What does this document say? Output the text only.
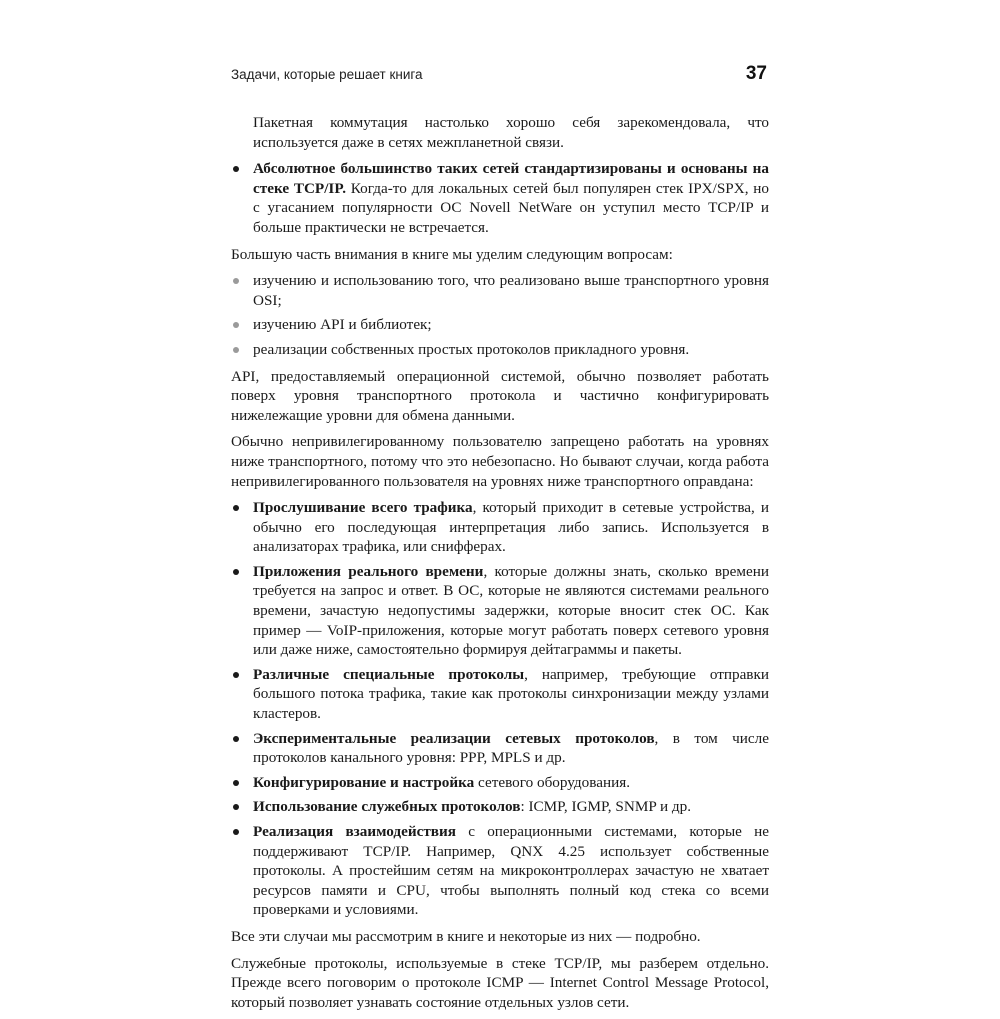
Задачи, которые решает книга	37

Пакетная коммутация настолько хорошо себя зарекомендовала, что используется даже в сетях межпланетной связи.

Абсолютное большинство таких сетей стандартизированы и основаны на стеке TCP/IP. Когда-то для локальных сетей был популярен стек IPX/SPX, но с угасанием популярности ОС Novell NetWare он уступил место TCP/IP и больше практически не встречается.

Большую часть внимания в книге мы уделим следующим вопросам:

изучению и использованию того, что реализовано выше транспортного уровня OSI;
изучению API и библиотек;
реализации собственных простых протоколов прикладного уровня.

API, предоставляемый операционной системой, обычно позволяет работать поверх уровня транспортного протокола и частично конфигурировать нижележащие уровни для обмена данными.

Обычно непривилегированному пользователю запрещено работать на уровнях ниже транспортного, потому что это небезопасно. Но бывают случаи, когда работа непривилегированного пользователя на уровнях ниже транспортного оправдана:

Прослушивание всего трафика, который приходит в сетевые устройства, и обычно его последующая интерпретация либо запись. Используется в анализаторах трафика, или снифферах.
Приложения реального времени, которые должны знать, сколько времени требуется на запрос и ответ. В ОС, которые не являются системами реального времени, зачастую недопустимы задержки, которые вносит стек ОС. Как пример — VoIP-приложения, которые могут работать поверх сетевого уровня или даже ниже, самостоятельно формируя дейтаграммы и пакеты.
Различные специальные протоколы, например, требующие отправки большого потока трафика, такие как протоколы синхронизации между узлами кластеров.
Экспериментальные реализации сетевых протоколов, в том числе протоколов канального уровня: PPP, MPLS и др.
Конфигурирование и настройка сетевого оборудования.
Использование служебных протоколов: ICMP, IGMP, SNMP и др.
Реализация взаимодействия с операционными системами, которые не поддерживают TCP/IP. Например, QNX 4.25 использует собственные протоколы. А простейшим сетям на микроконтроллерах зачастую не хватает ресурсов памяти и CPU, чтобы выполнять полный код стека со всеми проверками и условиями.

Все эти случаи мы рассмотрим в книге и некоторые из них — подробно.

Служебные протоколы, используемые в стеке TCP/IP, мы разберем отдельно. Прежде всего поговорим о протоколе ICMP — Internet Control Message Protocol, который позволяет узнавать состояние отдельных узлов сети.
